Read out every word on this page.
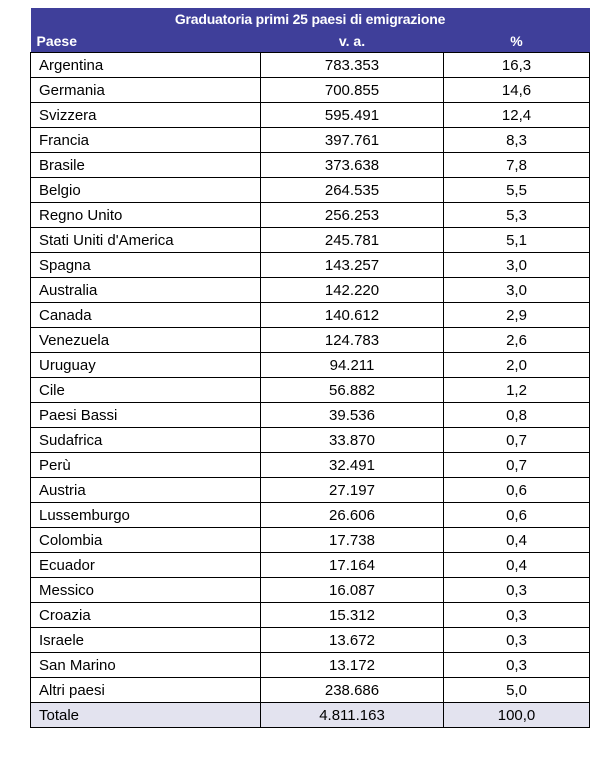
Graduatoria primi 25 paesi di emigrazione		
Paese	v. a.	%
Argentina	783.353	16,3
Germania	700.855	14,6
Svizzera	595.491	12,4
Francia	397.761	8,3
Brasile	373.638	7,8
Belgio	264.535	5,5
Regno Unito	256.253	5,3
Stati Uniti d'America	245.781	5,1
Spagna	143.257	3,0
Australia	142.220	3,0
Canada	140.612	2,9
Venezuela	124.783	2,6
Uruguay	94.211	2,0
Cile	56.882	1,2
Paesi Bassi	39.536	0,8
Sudafrica	33.870	0,7
Perù	32.491	0,7
Austria	27.197	0,6
Lussemburgo	26.606	0,6
Colombia	17.738	0,4
Ecuador	17.164	0,4
Messico	16.087	0,3
Croazia	15.312	0,3
Israele	13.672	0,3
San Marino	13.172	0,3
Altri paesi	238.686	5,0
Totale	4.811.163	100,0
